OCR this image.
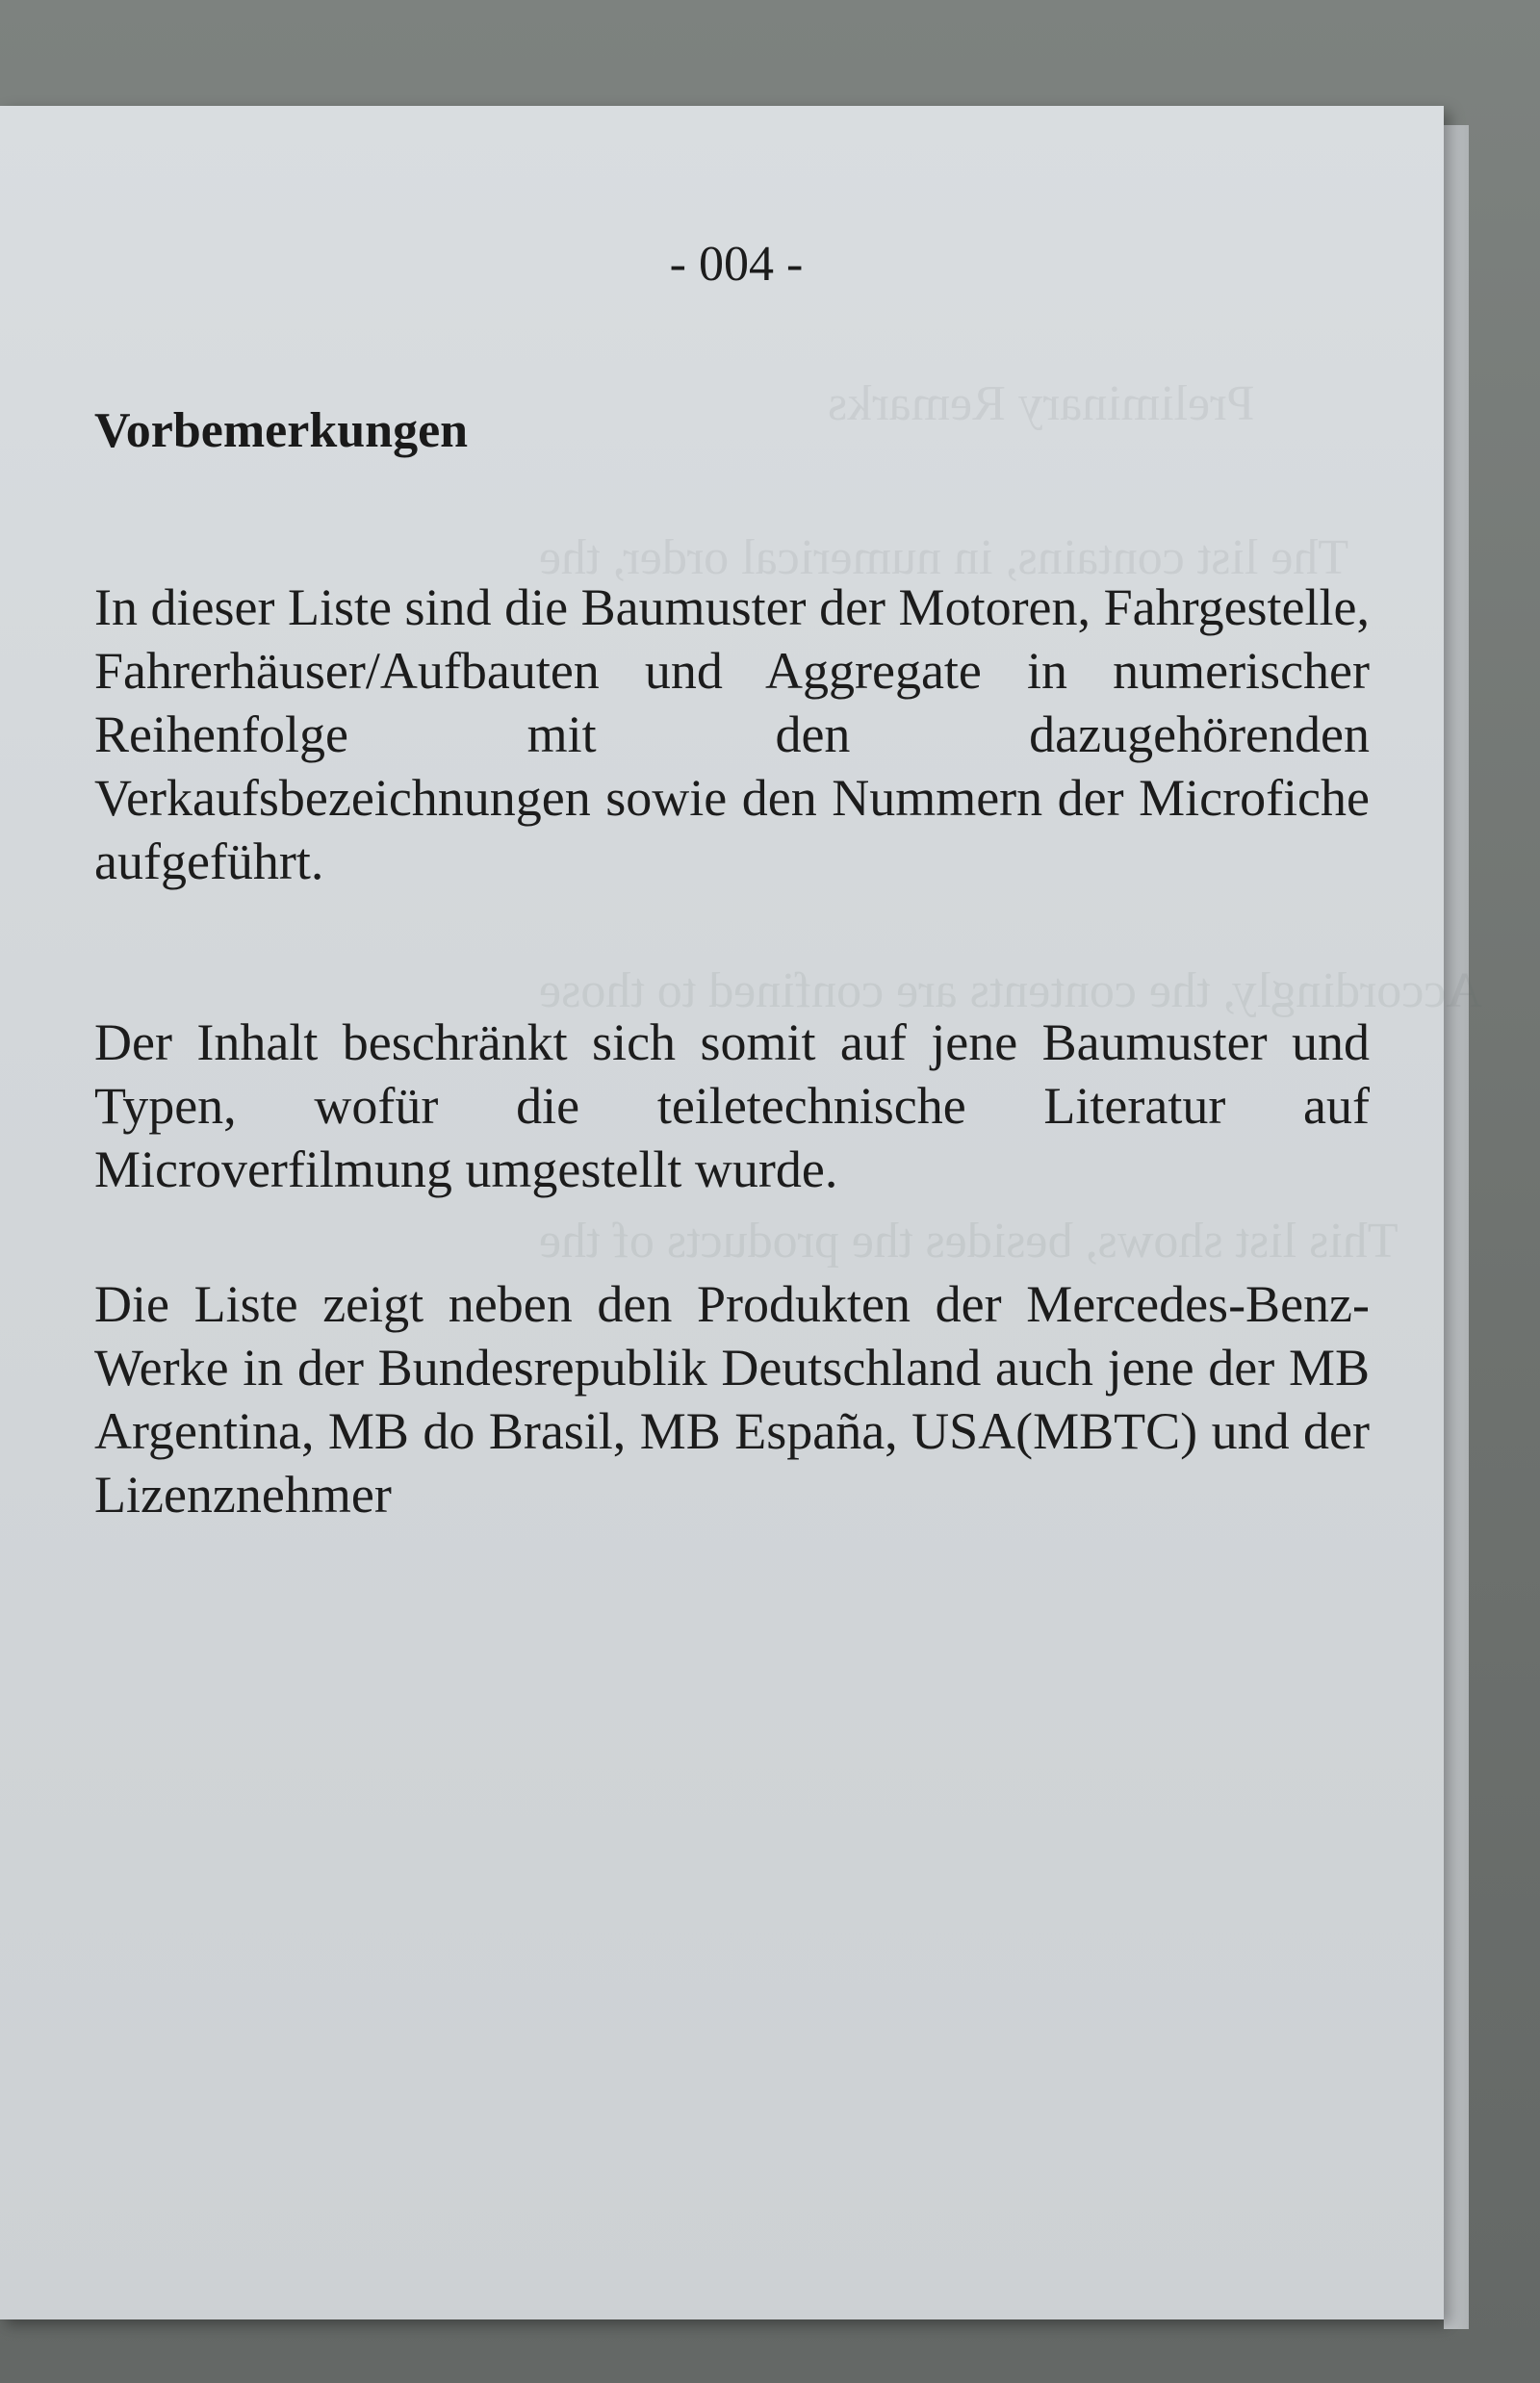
Preliminary Remarks
The list contains, in numerical order, the
Accordingly, the contents are confined to those
This list shows, besides the products of the
- 004 -
Vorbemerkungen
In dieser Liste sind die Baumuster der Motoren, Fahrgestelle, Fahrerhäuser/Aufbauten und Aggregate in numerischer Reihenfolge mit den dazugehörenden Verkaufsbezeichnungen sowie den Nummern der Microfiche aufgeführt.
Der Inhalt beschränkt sich somit auf jene Baumuster und Typen, wofür die teiletechnische Literatur auf Microverfilmung umgestellt wurde.
Die Liste zeigt neben den Produkten der Mercedes-Benz-Werke in der Bundesrepublik Deutschland auch jene der MB Argentina, MB do Brasil, MB España, USA(MBTC) und der Lizenznehmer
